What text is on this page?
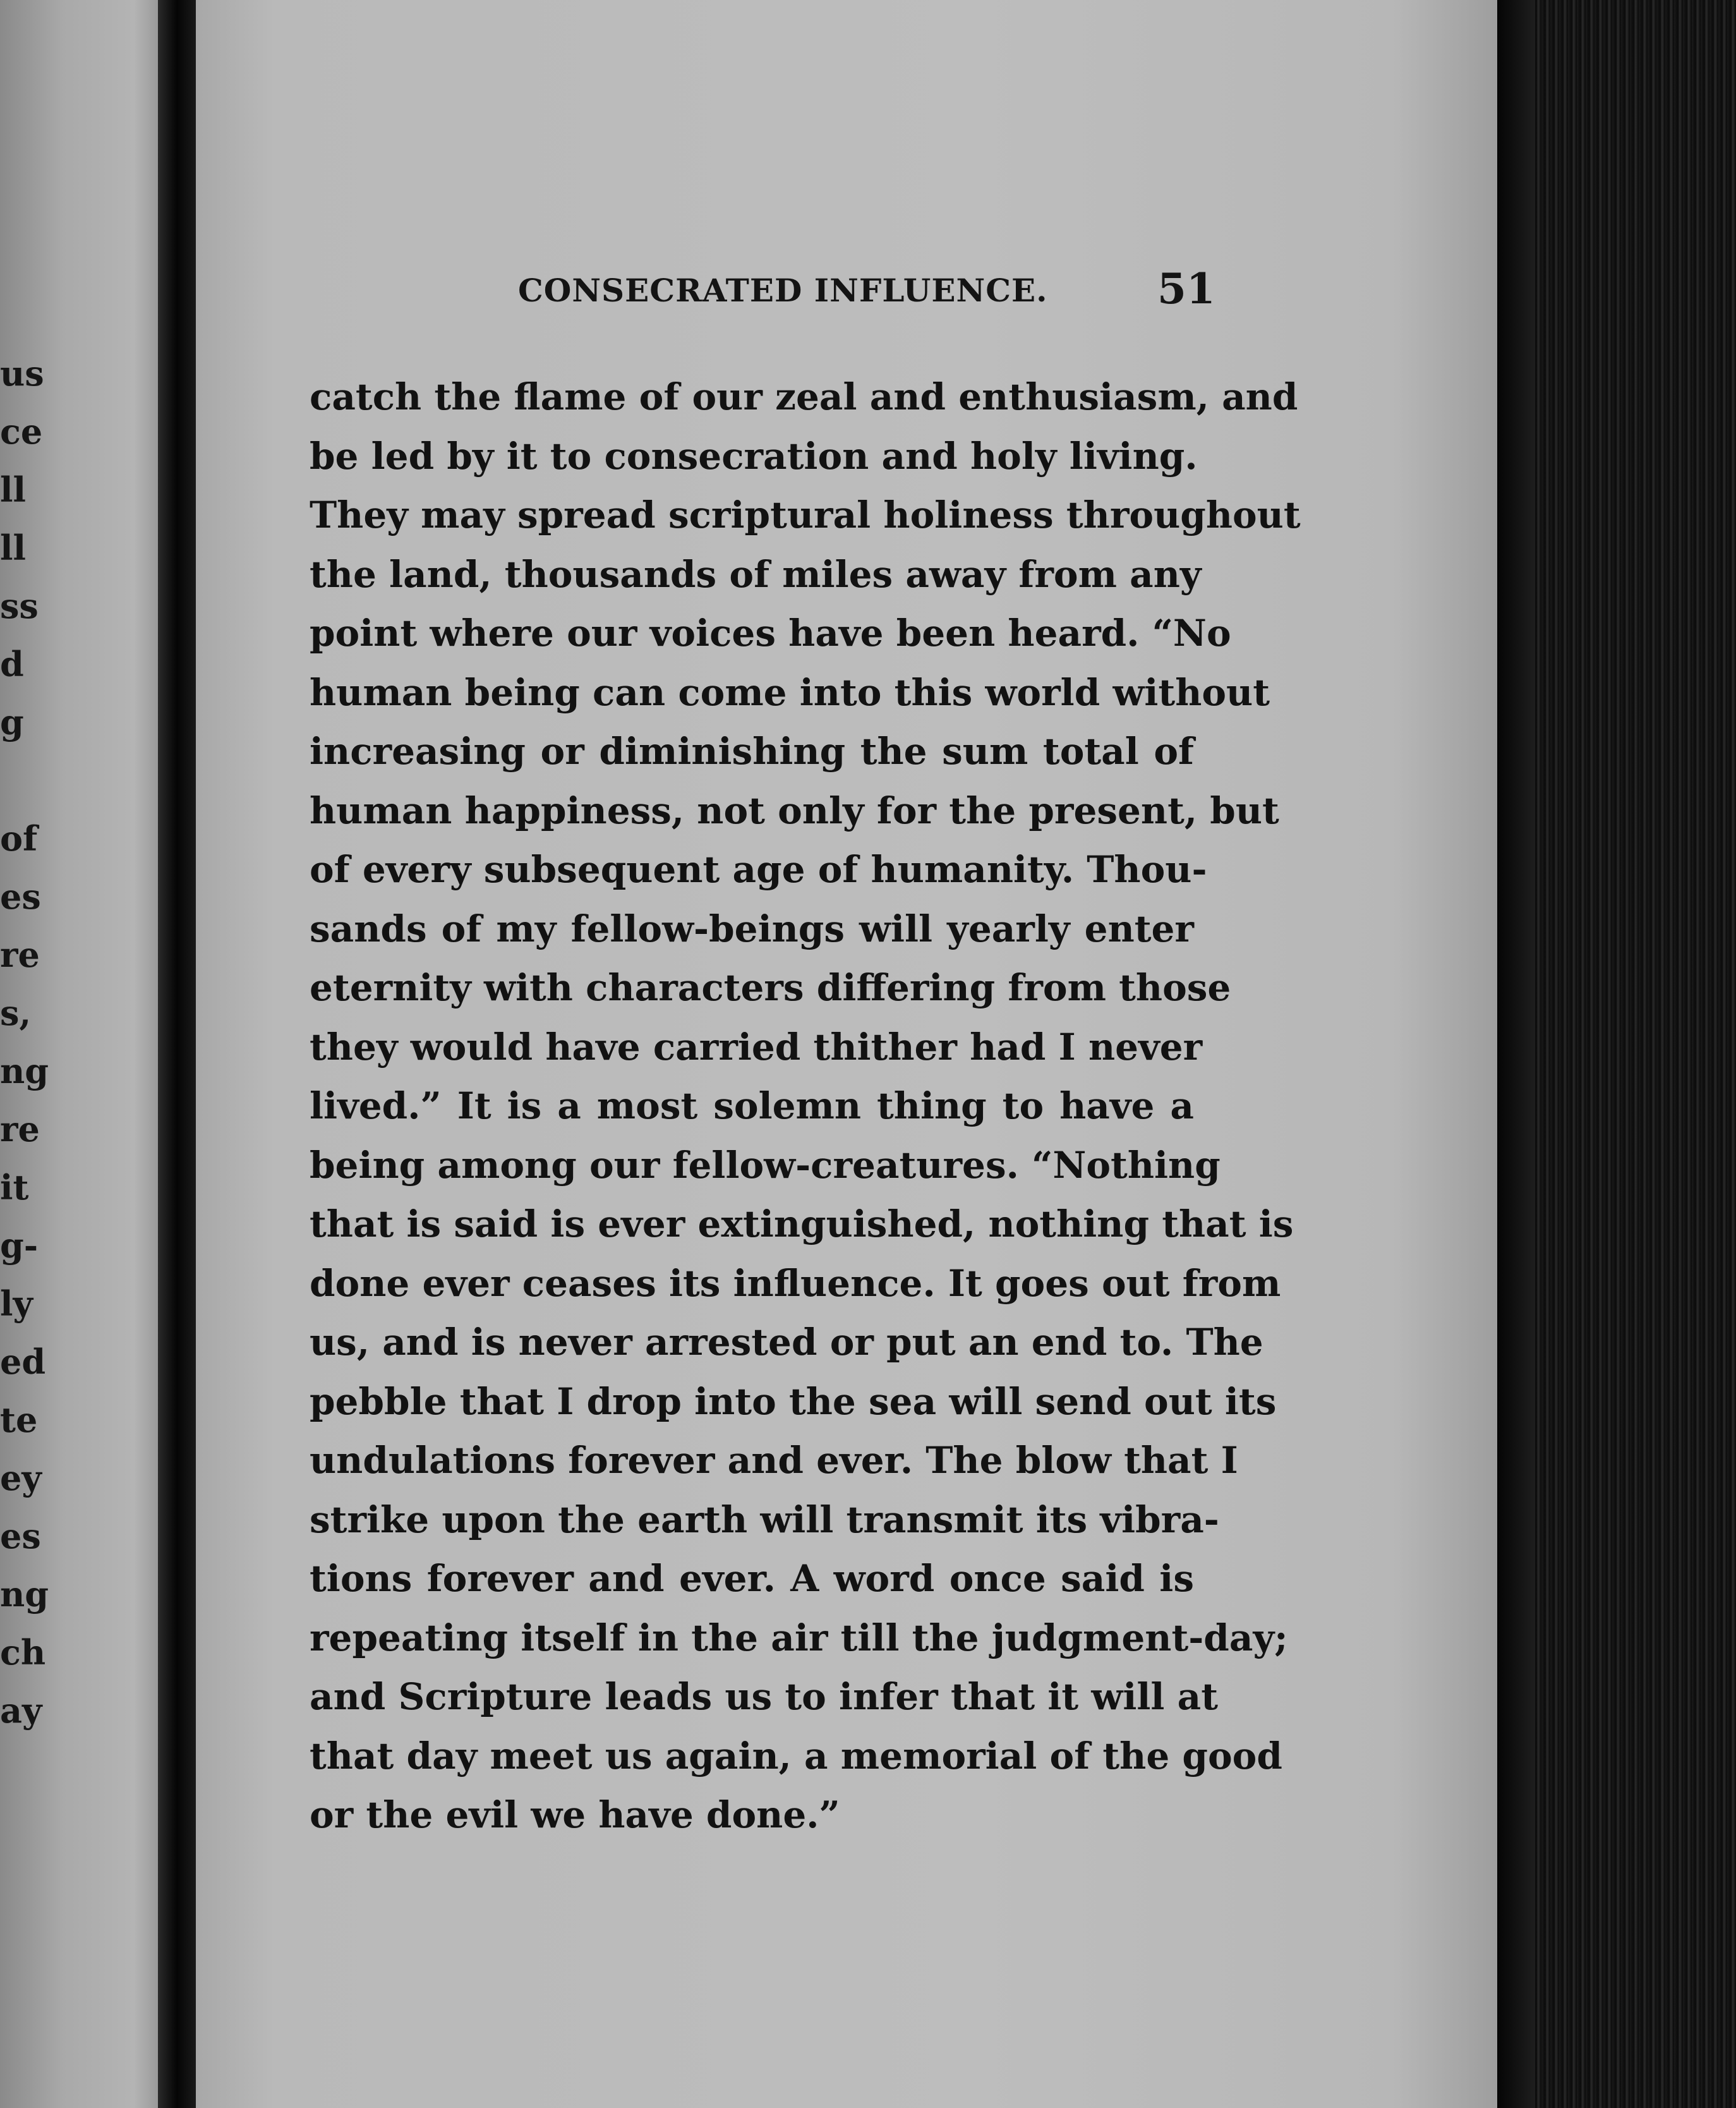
us
ce
ll
ll
ss
d
g
of
es
re
s,
ng
re
it
g-
ly
ed
te
ey
es
ng
ch
ay
CONSECRATED INFLUENCE.	51
catch the flame of our zeal and enthusiasm, and
be led by it to consecration and holy living.
They may spread scriptural holiness throughout
the land, thousands of miles away from any
point where our voices have been heard. “No
human being can come into this world without
increasing or diminishing the sum total of
human happiness, not only for the present, but
of every subsequent age of humanity. Thou-
sands of my fellow-beings will yearly enter
eternity with characters differing from those
they would have carried thither had I never
lived.” It is a most solemn thing to have a
being among our fellow-creatures. “Nothing
that is said is ever extinguished, nothing that is
done ever ceases its influence. It goes out from
us, and is never arrested or put an end to. The
pebble that I drop into the sea will send out its
undulations forever and ever. The blow that I
strike upon the earth will transmit its vibra-
tions forever and ever. A word once said is
repeating itself in the air till the judgment-day;
and Scripture leads us to infer that it will at
that day meet us again, a memorial of the good
or the evil we have done.”
